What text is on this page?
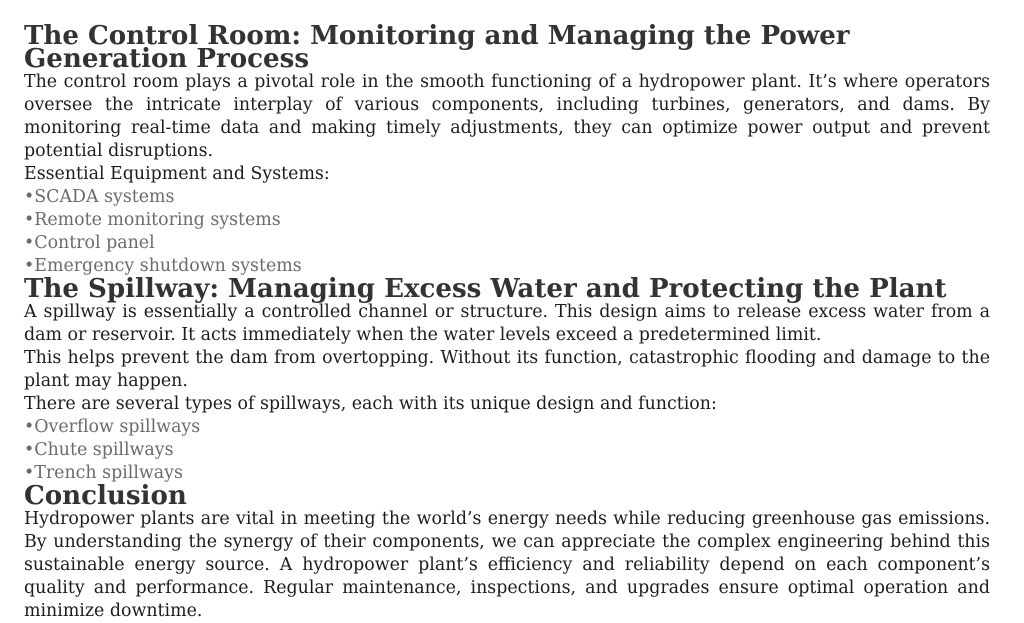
The Control Room: Monitoring and Managing the Power Generation Process

The control room plays a pivotal role in the smooth functioning of a hydropower plant. It’s where operators oversee the intricate interplay of various components, including turbines, generators, and dams. By monitoring real-time data and making timely adjustments, they can optimize power output and prevent potential disruptions.

Essential Equipment and Systems:

•SCADA systems
•Remote monitoring systems
•Control panel
•Emergency shutdown systems
The Spillway: Managing Excess Water and Protecting the Plant

A spillway is essentially a controlled channel or structure. This design aims to release excess water from a dam or reservoir. It acts immediately when the water levels exceed a predetermined limit.

This helps prevent the dam from overtopping. Without its function, catastrophic flooding and damage to the plant may happen.

There are several types of spillways, each with its unique design and function:

•Overflow spillways
•Chute spillways
•Trench spillways
Conclusion

Hydropower plants are vital in meeting the world’s energy needs while reducing greenhouse gas emissions. By understanding the synergy of their components, we can appreciate the complex engineering behind this sustainable energy source. A hydropower plant’s efficiency and reliability depend on each component’s quality and performance. Regular maintenance, inspections, and upgrades ensure optimal operation and minimize downtime.
